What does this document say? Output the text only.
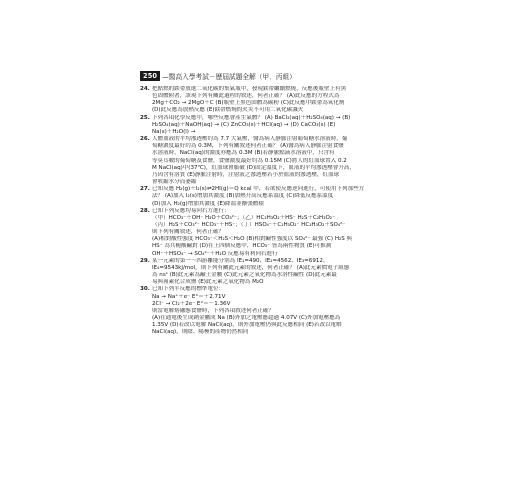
250 —醫高入學考試－歷屆試題全解（甲．丙組）
24. 把點燃的鎂帶放進二氧化碳的集氣瓶中，發現鎂帶繼續燃燒，反應後瓶壁上有黑
色固體附著，該現下列有關此過程的敘述，何者正確？ (A)此反應的方程式為
2Mg＋CO₂ → 2MgO＋C (B)瓶壁上黑色固體為碳粉 (C)此反應中鎂帶為氧化劑
(D)此反應為放熱反應 (E)鎂帶燃燒的火災不可用二氧化碳滅火
25. 下列各項化學反應中，哪些反應會產生氣體？ (A) BaCl₂(aq)＋H₂SO₄(aq) → (B)
H₂SO₄(aq)＋NaOH(aq) → (C) ZnCO₃(s)＋HCl(aq) → (D) CaCO₃(s) (E)
Na(s)＋H₂O(l) →
26. 人體血液的平均滲透壓約為 7.7 大氣壓，醫為病人靜脈注射葡萄糖水溶液時，葡
萄糖濃度最好約為 0.3M，下列有關敘述何者正確？ (A)醫為病人靜脈注射食鹽
水溶液時，NaCl(aq)的濃度亦應為 0.3M (B)若靜脈點滴水溶液中，只含有
等莫耳數的葡萄糖及食鹽，食鹽濃度最好約為 0.15M (C)將人的紅血球置入 0.2
M NaCl(aq)中(37℃)，紅血球會脹破 (D)固定溫度下，血液的平均滲透壓會升高，
乃因含有溶質 (E)靜脈注射時，注射液之滲透壓若小於血液的滲透壓，紅血球
會收縮水分而萎縮
27. 已知反應 H₂(g)＋I₂(s)⇌2HI(g)＝Q kcal 中，若欲使反應逆向進行，可使用下列那些方
法？ (A)加入 I₂(s)增加其濃度 (B)加熱升高反應系溫度 (C)降低反應系溫度
(D)加入 H₂(g)增加其濃度 (E)降溫並擴張體積
28. 已知下列反應均易向右方進行：
（甲）HCO₃⁻＋OH⁻ H₂O＋CO₃²⁻；（乙）HC₂H₃O₂＋HS⁻ H₂S＋C₂H₃O₂⁻
（丙）H₂S＋CO₃²⁻ HCO₃⁻＋HS⁻；（丁）HSO₄⁻＋C₂H₃O₂⁻ HC₂H₃O₂＋SO₄²⁻
則下列有關敘述，何者正確？
(A)相對酸性強度 HCO₃⁻＜H₂S＜H₂O (B)相對鹼性強度以 SO₄²⁻ 最強 (C) H₂S 與
HS⁻ 為共軛酸鹼對 (D)在上四個反應中，HCO₃⁻ 皆為兩性物質 (E)可推測
OH⁻＋HSO₄⁻ → SO₄²⁻＋H₂O 反應易有利向右進行
29. 某一元素的第一～四游離能分別為 IE₁=490、IE₂=4562、IE₃=6912、
IE₄=9543kJ/mol，則下列有關此元素的敘述，何者正確？ (A)此元素價電子組態
為 ns¹ (B)此元素為鹼土金屬 (C)此元素之氧化物為水溶性鹼性 (D)此元素最
易與鹵素化合成鹽 (E)此元素之氧化物為 M₂O
30. 已知下列半反應的標準電位：
Na → Na⁺＋e⁻ E°＝＋2.71V
2Cl⁻ → Cl₂＋2e⁻ E°＝－1.36V
則當電解熔融態食鹽時，下列各項敘述何者正確？
(A)在通電後生成鈉金屬成 Na (B)外加之電壓應超過 4.07V (C)外加電壓應為
1.35V (D)若改以電解 NaCl(aq)，則外加電壓仍與此反應相同 (E)若改以電解
NaCl(aq)，則陰、陽極的產物仍然相同
